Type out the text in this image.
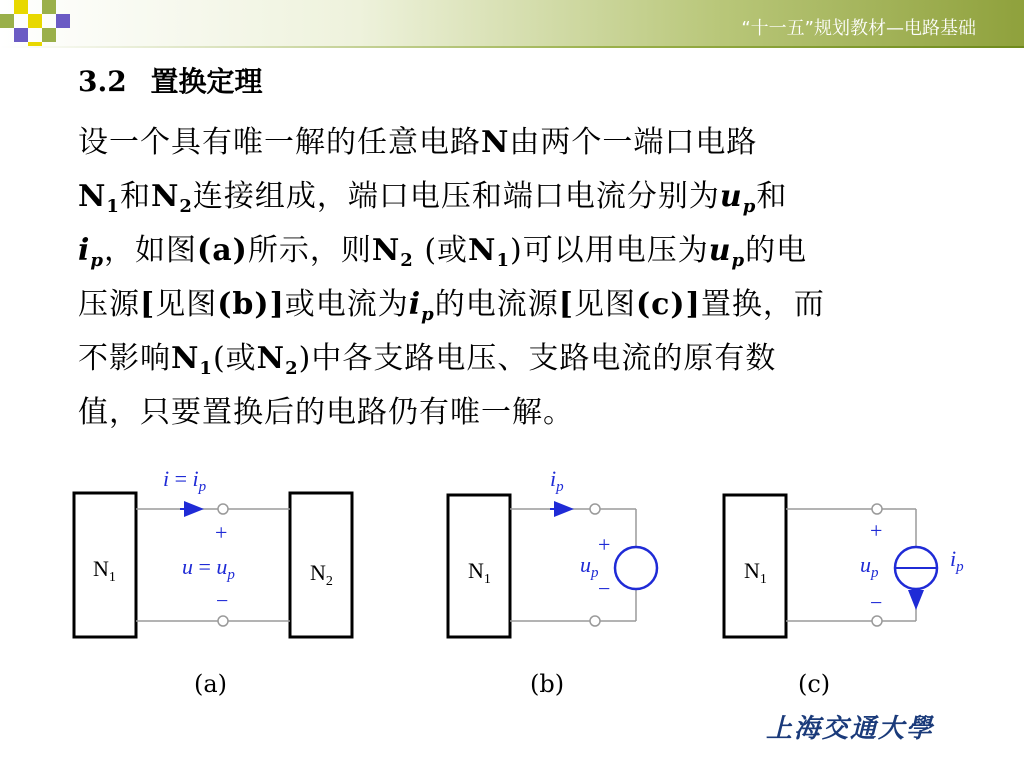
“十一五”规划教材—电路基础
3.2 置换定理
设一个具有唯一解的任意电路N由两个一端口电路
$N_1$和$N_2$连接组成，端口电压和端口电流分别为$u_p$和
$i_p$，如图(a)所示，则$N_2$ (或$N_1$)可以用电压为$u_p$的电
压源[见图(b)]或电流为$i_p$的电流源[见图(c)]置换，而
不影响$N_1$(或$N_2$)中各支路电压、支路电流的原有数
值，只要置换后的电路仍有唯一解。
$i = i_p$
+
$u = u_p$
−
$N_1$	$N_2$
$i_p$
+
$u_p$
−
$N_1$
+
$u_p$
−
$i_p$
$N_1$
(a)	(b)	(c)
上海交通大學
